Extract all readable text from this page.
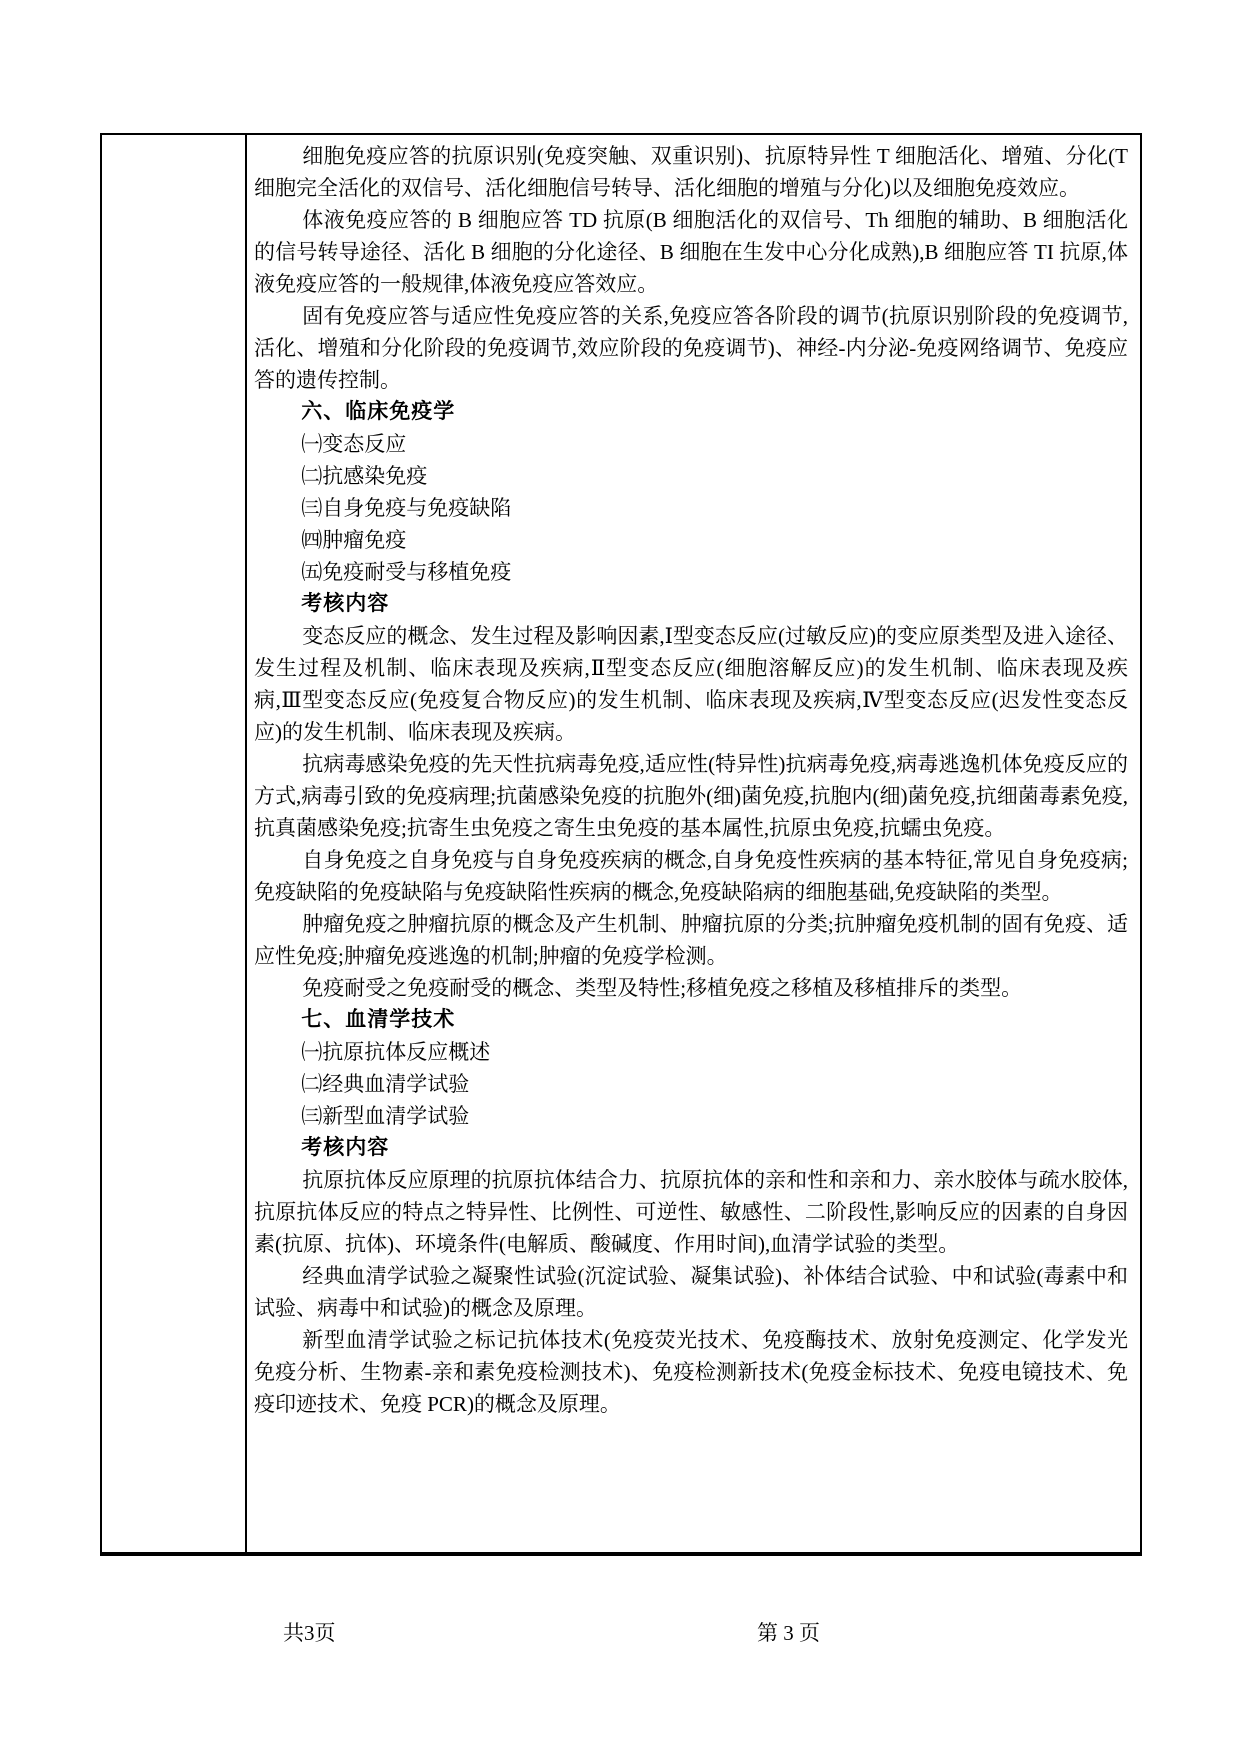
细胞免疫应答的抗原识别(免疫突触、双重识别)、抗原特异性 T 细胞活化、增殖、分化(T 细胞完全活化的双信号、活化细胞信号转导、活化细胞的增殖与分化)以及细胞免疫效应。
体液免疫应答的 B 细胞应答 TD 抗原(B 细胞活化的双信号、Th 细胞的辅助、B 细胞活化的信号转导途径、活化 B 细胞的分化途径、B 细胞在生发中心分化成熟),B 细胞应答 TI 抗原,体液免疫应答的一般规律,体液免疫应答效应。
固有免疫应答与适应性免疫应答的关系,免疫应答各阶段的调节(抗原识别阶段的免疫调节,活化、增殖和分化阶段的免疫调节,效应阶段的免疫调节)、神经-内分泌-免疫网络调节、免疫应答的遗传控制。
六、临床免疫学
㈠变态反应
㈡抗感染免疫
㈢自身免疫与免疫缺陷
㈣肿瘤免疫
㈤免疫耐受与移植免疫
考核内容
变态反应的概念、发生过程及影响因素,Ⅰ型变态反应(过敏反应)的变应原类型及进入途径、发生过程及机制、临床表现及疾病,Ⅱ型变态反应(细胞溶解反应)的发生机制、临床表现及疾病,Ⅲ型变态反应(免疫复合物反应)的发生机制、临床表现及疾病,Ⅳ型变态反应(迟发性变态反应)的发生机制、临床表现及疾病。
抗病毒感染免疫的先天性抗病毒免疫,适应性(特异性)抗病毒免疫,病毒逃逸机体免疫反应的方式,病毒引致的免疫病理;抗菌感染免疫的抗胞外(细)菌免疫,抗胞内(细)菌免疫,抗细菌毒素免疫,抗真菌感染免疫;抗寄生虫免疫之寄生虫免疫的基本属性,抗原虫免疫,抗蠕虫免疫。
自身免疫之自身免疫与自身免疫疾病的概念,自身免疫性疾病的基本特征,常见自身免疫病;免疫缺陷的免疫缺陷与免疫缺陷性疾病的概念,免疫缺陷病的细胞基础,免疫缺陷的类型。
肿瘤免疫之肿瘤抗原的概念及产生机制、肿瘤抗原的分类;抗肿瘤免疫机制的固有免疫、适应性免疫;肿瘤免疫逃逸的机制;肿瘤的免疫学检测。
免疫耐受之免疫耐受的概念、类型及特性;移植免疫之移植及移植排斥的类型。
七、血清学技术
㈠抗原抗体反应概述
㈡经典血清学试验
㈢新型血清学试验
考核内容
抗原抗体反应原理的抗原抗体结合力、抗原抗体的亲和性和亲和力、亲水胶体与疏水胶体,抗原抗体反应的特点之特异性、比例性、可逆性、敏感性、二阶段性,影响反应的因素的自身因素(抗原、抗体)、环境条件(电解质、酸碱度、作用时间),血清学试验的类型。
经典血清学试验之凝聚性试验(沉淀试验、凝集试验)、补体结合试验、中和试验(毒素中和试验、病毒中和试验)的概念及原理。
新型血清学试验之标记抗体技术(免疫荧光技术、免疫酶技术、放射免疫测定、化学发光免疫分析、生物素-亲和素免疫检测技术)、免疫检测新技术(免疫金标技术、免疫电镜技术、免疫印迹技术、免疫 PCR)的概念及原理。
共3页	第 3 页
